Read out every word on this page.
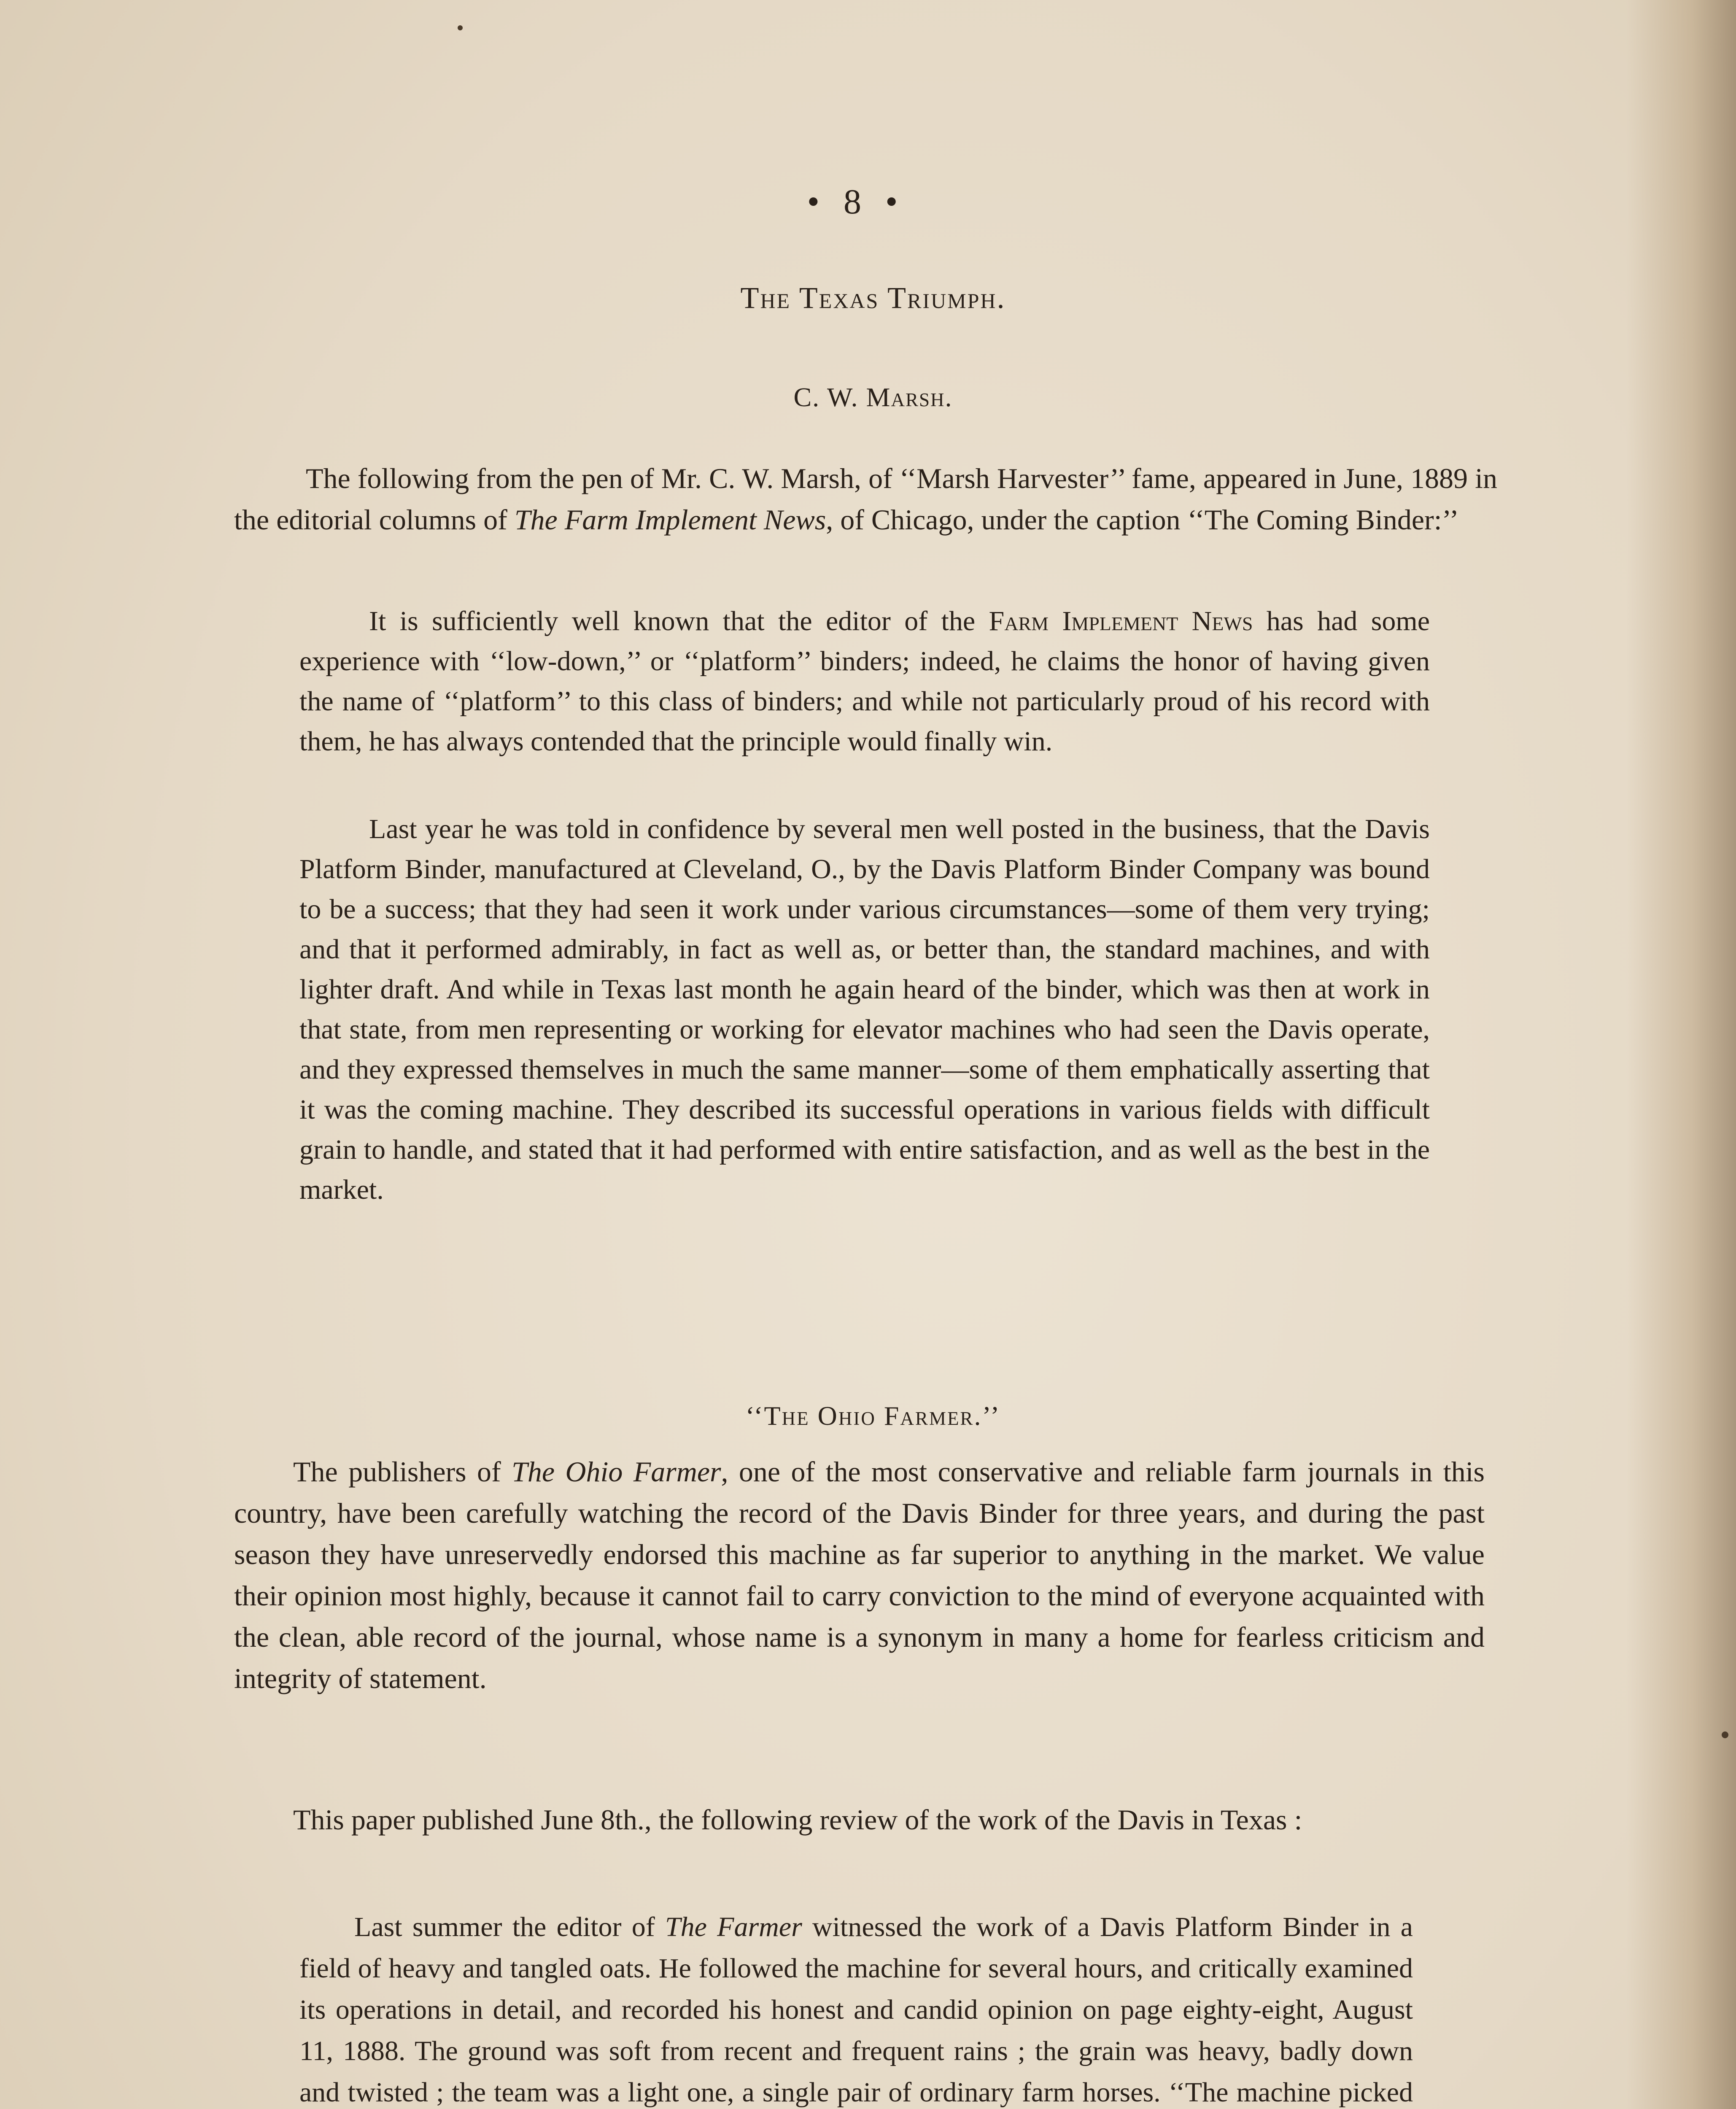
• 8 •
The Texas Triumph.
C. W. Marsh.

The following from the pen of Mr. C. W. Marsh, of ‘‘Marsh Harvester’’ fame, appeared in June, 1889 in the editorial columns of The Farm Implement News, of Chicago, under the caption ‘‘The Coming Binder:’’

It is sufficiently well known that the editor of the Farm Implement News has had some experience with ‘‘low-down,’’ or ‘‘platform’’ binders; indeed, he claims the honor of having given the name of ‘‘platform’’ to this class of binders; and while not particularly proud of his record with them, he has always contended that the principle would finally win.

Last year he was told in confidence by several men well posted in the business, that the Davis Platform Binder, manufactured at Cleveland, O., by the Davis Platform Binder Company was bound to be a success; that they had seen it work under various circumstances—some of them very trying; and that it performed admirably, in fact as well as, or better than, the standard machines, and with lighter draft. And while in Texas last month he again heard of the binder, which was then at work in that state, from men representing or working for elevator machines who had seen the Davis operate, and they expressed themselves in much the same manner—some of them emphatically asserting that it was the coming machine. They described its successful operations in various fields with difficult grain to handle, and stated that it had performed with entire satisfaction, and as well as the best in the market.

‘‘The Ohio Farmer.’’

The publishers of The Ohio Farmer, one of the most conservative and reliable farm journals in this country, have been carefully watching the record of the Davis Binder for three years, and during the past season they have unreservedly endorsed this machine as far superior to anything in the market. We value their opinion most highly, because it cannot fail to carry conviction to the mind of everyone acquainted with the clean, able record of the journal, whose name is a synonym in many a home for fearless criticism and integrity of statement.

This paper published June 8th., the following review of the work of the Davis in Texas :

Last summer the editor of The Farmer witnessed the work of a Davis Platform Binder in a field of heavy and tangled oats. He followed the machine for several hours, and critically examined its operations in detail, and recorded his honest and candid opinion on page eighty-eight, August 11, 1888. The ground was soft from recent and frequent rains ; the grain was heavy, badly down and twisted ; the team was a light one, a single pair of ordinary farm horses. ‘‘The machine picked
